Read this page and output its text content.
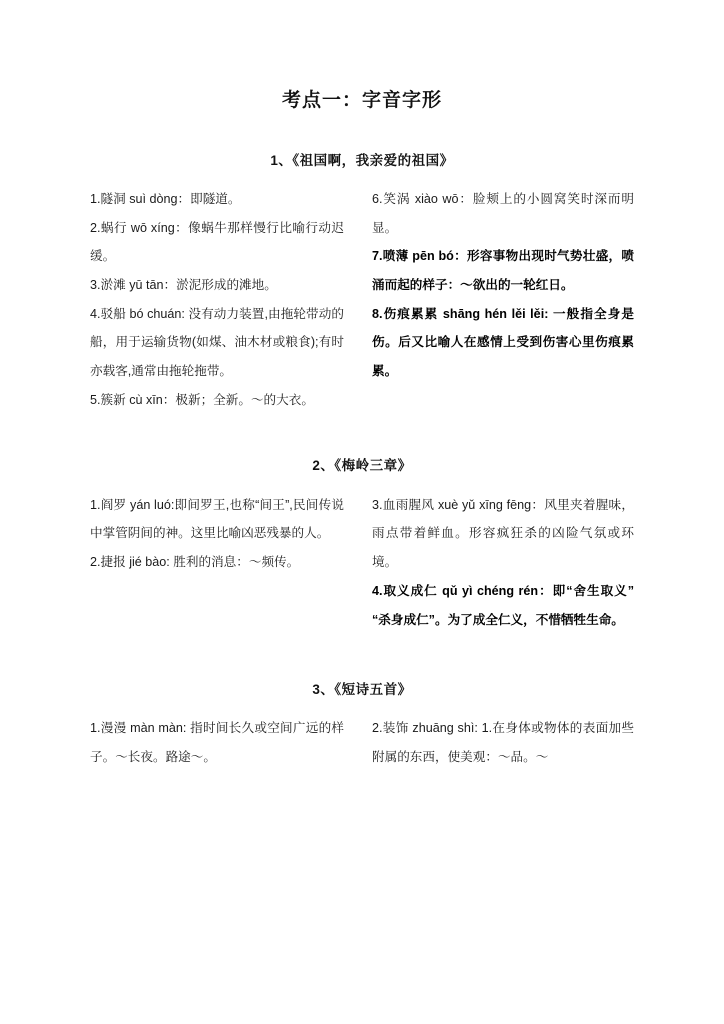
考点一：字音字形
1、《祖国啊，我亲爱的祖国》

1.隧洞 suì dòng：即隧道。

2.蜗行 wō xíng：像蜗牛那样慢行比喻行动迟缓。

3.淤滩 yū tān：淤泥形成的滩地。

4.驳船 bó chuán: 没有动力装置,由拖轮带动的船，用于运输货物(如煤、油木材或粮食);有时亦载客,通常由拖轮拖带。

5.簇新 cù xīn：极新；全新。～的大衣。

6.笑涡 xiào wō：脸颊上的小圆窝笑时深而明显。

7.喷薄 pēn bó：形容事物出现时气势壮盛，喷涌而起的样子：～欲出的一轮红日。

8.伤痕累累 shāng hén lěi lěi: 一般指全身是伤。后又比喻人在感情上受到伤害心里伤痕累累。

2、《梅岭三章》

1.阎罗 yán luó:即间罗王,也称“间王”,民间传说中掌管阴间的神。这里比喻凶恶残暴的人。

2.捷报 jié bào: 胜利的消息：～频传。

3.血雨腥风 xuè yǔ xīng fēng：风里夹着腥味，雨点带着鲜血。形容疯狂杀的凶险气氛或环境。

4.取义成仁 qǔ yì chéng rén：即“舍生取义”“杀身成仁”。为了成全仁义，不惜牺牲生命。

3、《短诗五首》

1.漫漫 màn màn: 指时间长久或空间广远的样子。～长夜。路途～。

2.装饰 zhuāng shì: 1.在身体或物体的表面加些附属的东西，使美观：～品。～
